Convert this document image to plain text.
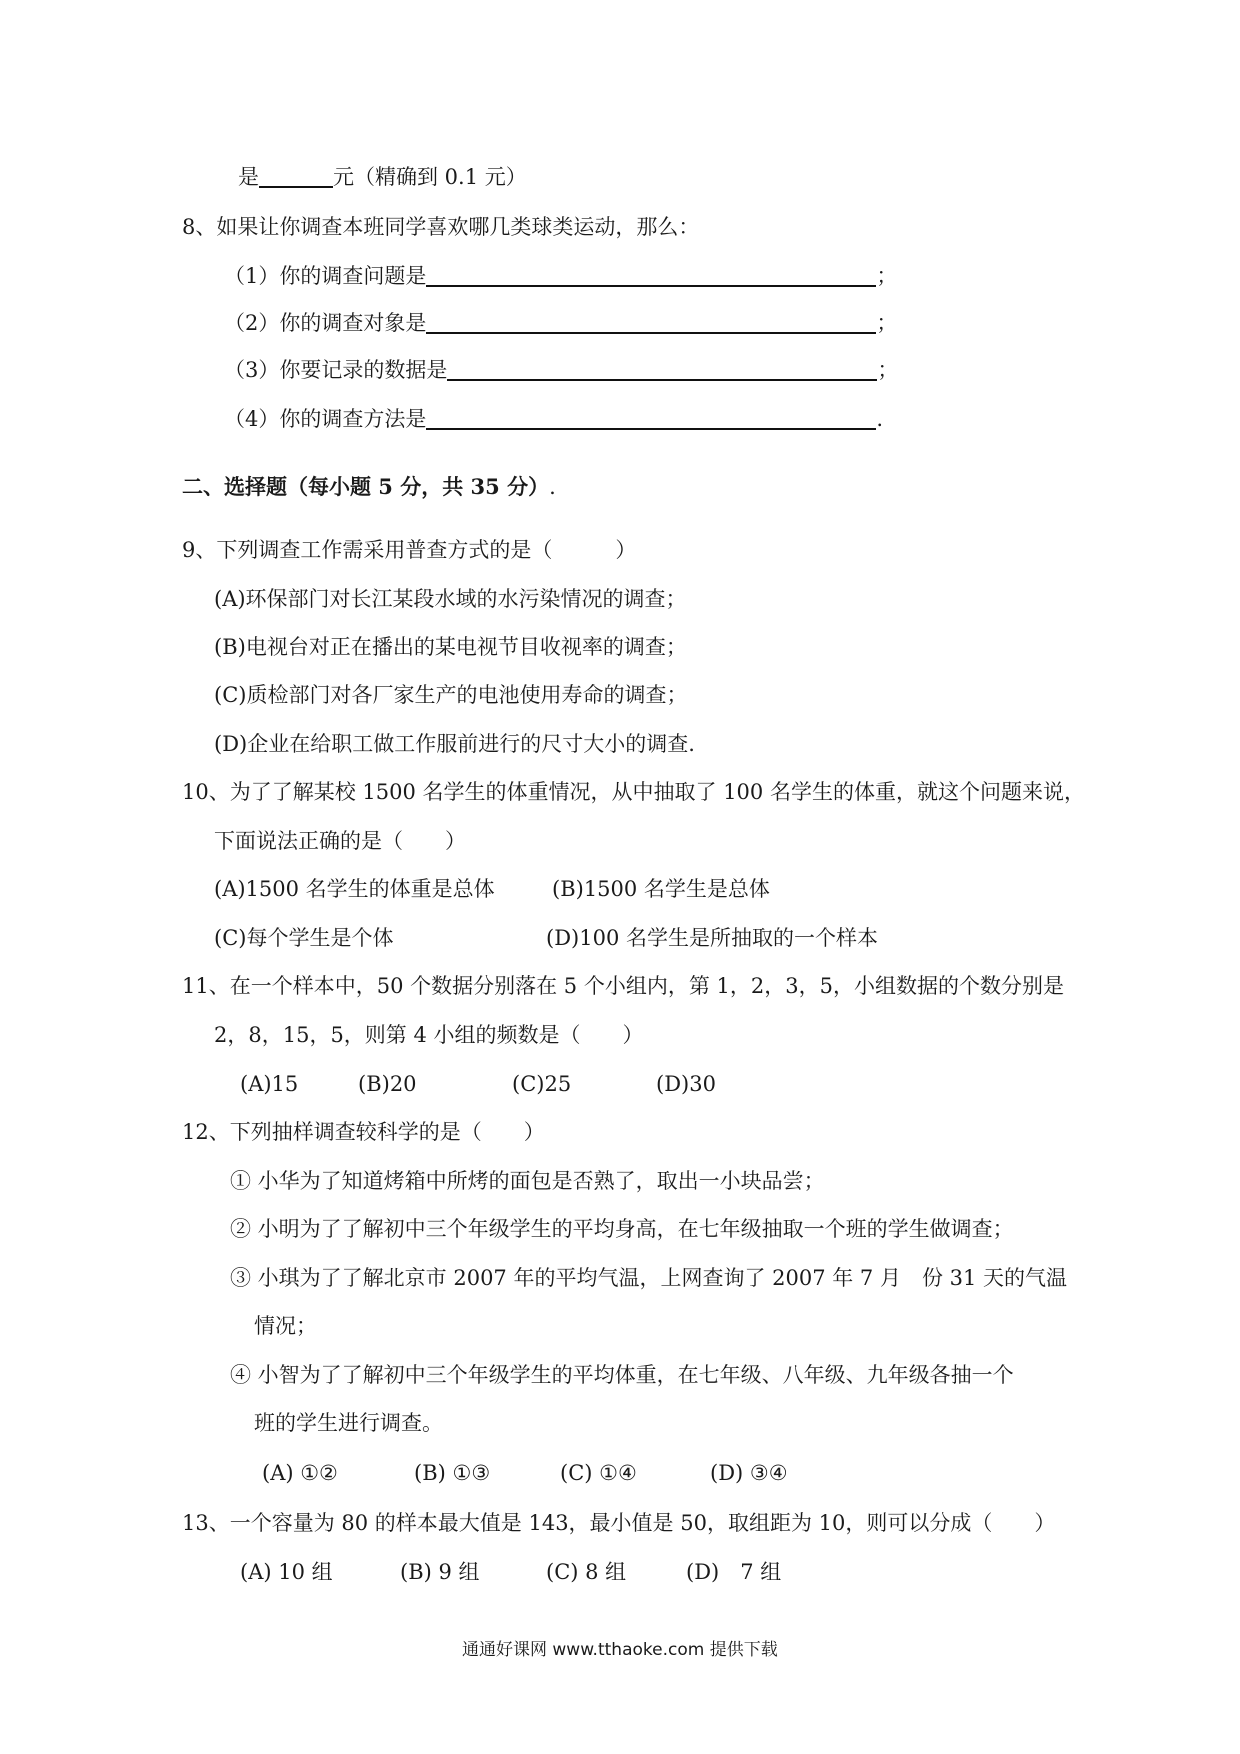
是	元（精确到 0.1 元）
8、如果让你调查本班同学喜欢哪几类球类运动，那么：
（1）你的调查问题是	；
（2）你的调查对象是	；
（3）你要记录的数据是	；
（4）你的调查方法是	.
二、选择题（每小题 5 分，共 35 分）.
9、下列调查工作需采用普查方式的是（　　　）
(A)环保部门对长江某段水域的水污染情况的调查；
(B)电视台对正在播出的某电视节目收视率的调查；
(C)质检部门对各厂家生产的电池使用寿命的调查；
(D)企业在给职工做工作服前进行的尺寸大小的调查.
10、为了了解某校 1500 名学生的体重情况，从中抽取了 100 名学生的体重，就这个问题来说，
下面说法正确的是（　　）
(A)1500 名学生的体重是总体	(B)1500 名学生是总体
(C)每个学生是个体	(D)100 名学生是所抽取的一个样本
11、在一个样本中，50 个数据分别落在 5 个小组内，第 1，2，3，5，小组数据的个数分别是
2，8，15，5，则第 4 小组的频数是（　　）
(A)15	(B)20	(C)25	(D)30
12、下列抽样调查较科学的是（　　）
① 小华为了知道烤箱中所烤的面包是否熟了，取出一小块品尝；
② 小明为了了解初中三个年级学生的平均身高，在七年级抽取一个班的学生做调查；
③ 小琪为了了解北京市 2007 年的平均气温，上网查询了 2007 年 7 月　份 31 天的气温
情况；
④ 小智为了了解初中三个年级学生的平均体重，在七年级、八年级、九年级各抽一个
班的学生进行调查。
(A) ①②	(B) ①③	(C) ①④	(D) ③④
13、一个容量为 80 的样本最大值是 143，最小值是 50，取组距为 10，则可以分成（　　）
(A) 10 组	(B) 9 组	(C) 8 组	(D)　7 组
通通好课网 www.tthaoke.com 提供下载
